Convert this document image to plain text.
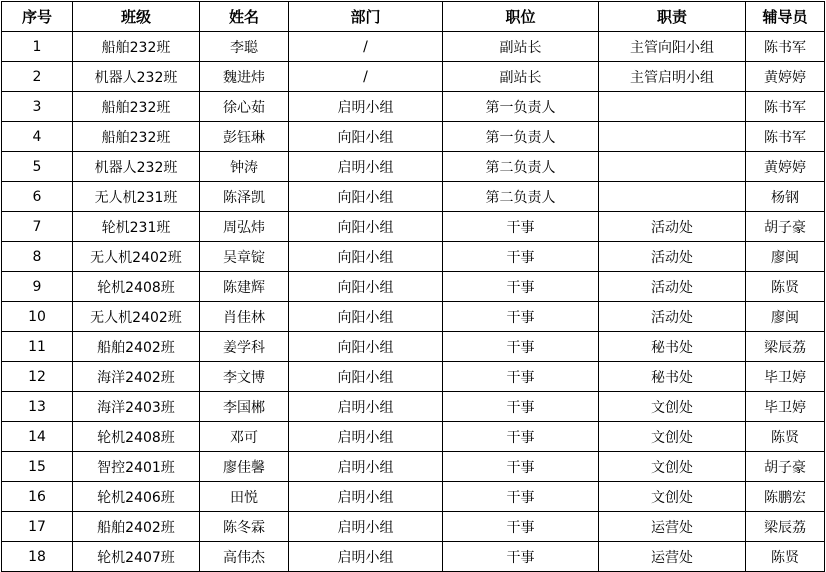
序号	班级	姓名	部门	职位	职责	辅导员
1	船舶232班	李聪	/	副站长	主管向阳小组	陈书军
2	机器人232班	魏进炜	/	副站长	主管启明小组	黄婷婷
3	船舶232班	徐心茹	启明小组	第一负责人		陈书军
4	船舶232班	彭钰琳	向阳小组	第一负责人		陈书军
5	机器人232班	钟涛	启明小组	第二负责人		黄婷婷
6	无人机231班	陈泽凯	向阳小组	第二负责人		杨钢
7	轮机231班	周弘炜	向阳小组	干事	活动处	胡子豪
8	无人机2402班	吴章锭	向阳小组	干事	活动处	廖闽
9	轮机2408班	陈建辉	向阳小组	干事	活动处	陈贤
10	无人机2402班	肖佳林	向阳小组	干事	活动处	廖闽
11	船舶2402班	姜学科	向阳小组	干事	秘书处	梁辰荔
12	海洋2402班	李文博	向阳小组	干事	秘书处	毕卫婷
13	海洋2403班	李国郴	启明小组	干事	文创处	毕卫婷
14	轮机2408班	邓可	启明小组	干事	文创处	陈贤
15	智控2401班	廖佳馨	启明小组	干事	文创处	胡子豪
16	轮机2406班	田悦	启明小组	干事	文创处	陈鹏宏
17	船舶2402班	陈冬霖	启明小组	干事	运营处	梁辰荔
18	轮机2407班	高伟杰	启明小组	干事	运营处	陈贤
